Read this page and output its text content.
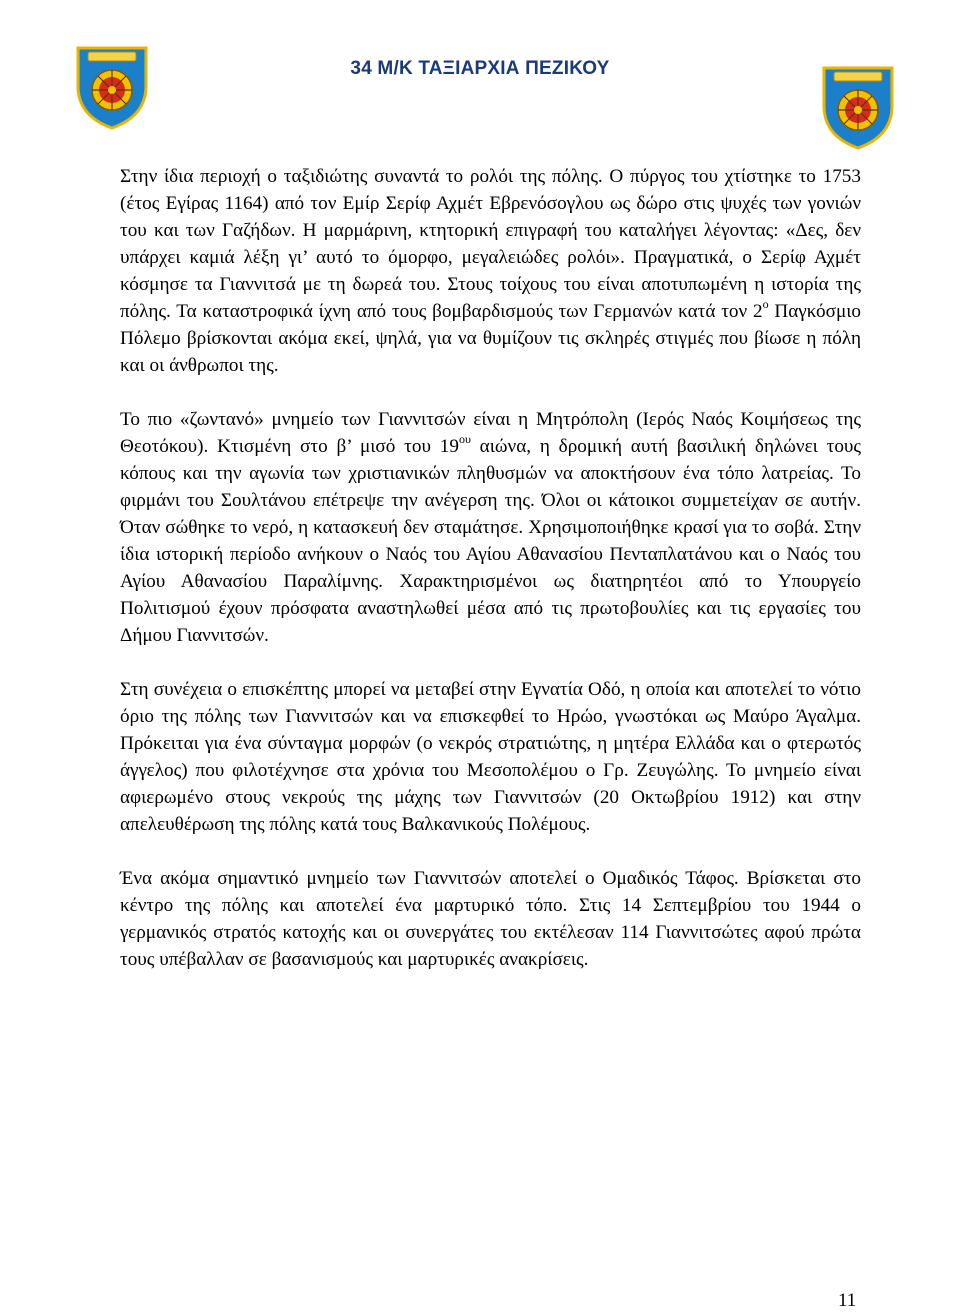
34 Μ/Κ ΤΑΞΙΑΡΧΙΑ ΠΕΖΙΚΟΥ

Στην ίδια περιοχή ο ταξιδιώτης συναντά το ρολόι της πόλης. Ο πύργος του χτίστηκε το 1753 (έτος Εγίρας 1164) από τον Εμίρ Σερίφ Αχμέτ Εβρενόσογλου ως δώρο στις ψυχές των γονιών του και των Γαζήδων. Η μαρμάρινη, κτητορική επιγραφή του καταλήγει λέγοντας: «Δες, δεν υπάρχει καμιά λέξη γι’ αυτό το όμορφο, μεγαλειώδες ρολόι». Πραγματικά, ο Σερίφ Αχμέτ κόσμησε τα Γιαννιτσά με τη δωρεά του. Στους τοίχους του είναι αποτυπωμένη η ιστορία της πόλης. Τα καταστροφικά ίχνη από τους βομβαρδισμούς των Γερμανών κατά τον $2^o$ Παγκόσμιο Πόλεμο βρίσκονται ακόμα εκεί, ψηλά, για να θυμίζουν τις σκληρές στιγμές που βίωσε η πόλη και οι άνθρωποι της.

Το πιο «ζωντανό» μνημείο των Γιαννιτσών είναι η Μητρόπολη (Ιερός Ναός Κοιμήσεως της Θεοτόκου). Κτισμένη στο β’ μισό του $19^{o\upsilon}$ αιώνα, η δρομική αυτή βασιλική δηλώνει τους κόπους και την αγωνία των χριστιανικών πληθυσμών να αποκτήσουν ένα τόπο λατρείας. Το φιρμάνι του Σουλτάνου επέτρεψε την ανέγερση της. Όλοι οι κάτοικοι συμμετείχαν σε αυτήν. Όταν σώθηκε το νερό, η κατασκευή δεν σταμάτησε. Χρησιμοποιήθηκε κρασί για το σοβά. Στην ίδια ιστορική περίοδο ανήκουν ο Ναός του Αγίου Αθανασίου Πενταπλατάνου και ο Ναός του Αγίου Αθανασίου Παραλίμνης. Χαρακτηρισμένοι ως διατηρητέοι από το Υπουργείο Πολιτισμού έχουν πρόσφατα αναστηλωθεί μέσα από τις πρωτοβουλίες και τις εργασίες του Δήμου Γιαννιτσών.

Στη συνέχεια ο επισκέπτης μπορεί να μεταβεί στην Εγνατία Οδό, η οποία και αποτελεί το νότιο όριο της πόλης των Γιαννιτσών και να επισκεφθεί το Ηρώο, γνωστόκαι ως Μαύρο Άγαλμα. Πρόκειται για ένα σύνταγμα μορφών (ο νεκρός στρατιώτης, η μητέρα Ελλάδα και ο φτερωτός άγγελος) που φιλοτέχνησε στα χρόνια του Μεσοπολέμου ο Γρ. Ζευγώλης. Το μνημείο είναι αφιερωμένο στους νεκρούς της μάχης των Γιαννιτσών (20 Οκτωβρίου 1912) και στην απελευθέρωση της πόλης κατά τους Βαλκανικούς Πολέμους.

Ένα ακόμα σημαντικό μνημείο των Γιαννιτσών αποτελεί ο Ομαδικός Τάφος. Βρίσκεται στο κέντρο της πόλης και αποτελεί ένα μαρτυρικό τόπο. Στις 14 Σεπτεμβρίου του 1944 ο γερμανικός στρατός κατοχής και οι συνεργάτες του εκτέλεσαν 114 Γιαννιτσώτες αφού πρώτα τους υπέβαλλαν σε βασανισμούς και μαρτυρικές ανακρίσεις.

11
